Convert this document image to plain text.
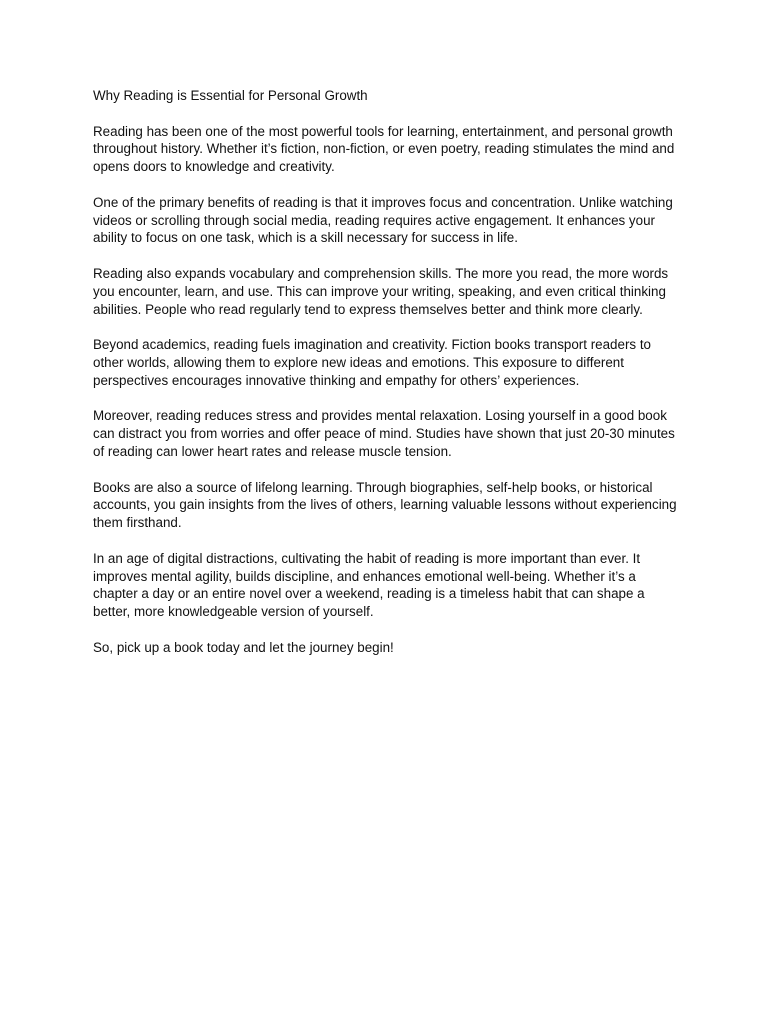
Why Reading is Essential for Personal Growth

Reading has been one of the most powerful tools for learning, entertainment, and personal growth throughout history. Whether it’s fiction, non-fiction, or even poetry, reading stimulates the mind and opens doors to knowledge and creativity.

One of the primary benefits of reading is that it improves focus and concentration. Unlike watching videos or scrolling through social media, reading requires active engagement. It enhances your ability to focus on one task, which is a skill necessary for success in life.

Reading also expands vocabulary and comprehension skills. The more you read, the more words you encounter, learn, and use. This can improve your writing, speaking, and even critical thinking abilities. People who read regularly tend to express themselves better and think more clearly.

Beyond academics, reading fuels imagination and creativity. Fiction books transport readers to other worlds, allowing them to explore new ideas and emotions. This exposure to different perspectives encourages innovative thinking and empathy for others’ experiences.

Moreover, reading reduces stress and provides mental relaxation. Losing yourself in a good book can distract you from worries and offer peace of mind. Studies have shown that just 20-30 minutes of reading can lower heart rates and release muscle tension.

Books are also a source of lifelong learning. Through biographies, self-help books, or historical accounts, you gain insights from the lives of others, learning valuable lessons without experiencing them firsthand.

In an age of digital distractions, cultivating the habit of reading is more important than ever. It improves mental agility, builds discipline, and enhances emotional well-being. Whether it’s a chapter a day or an entire novel over a weekend, reading is a timeless habit that can shape a better, more knowledgeable version of yourself.

So, pick up a book today and let the journey begin!
